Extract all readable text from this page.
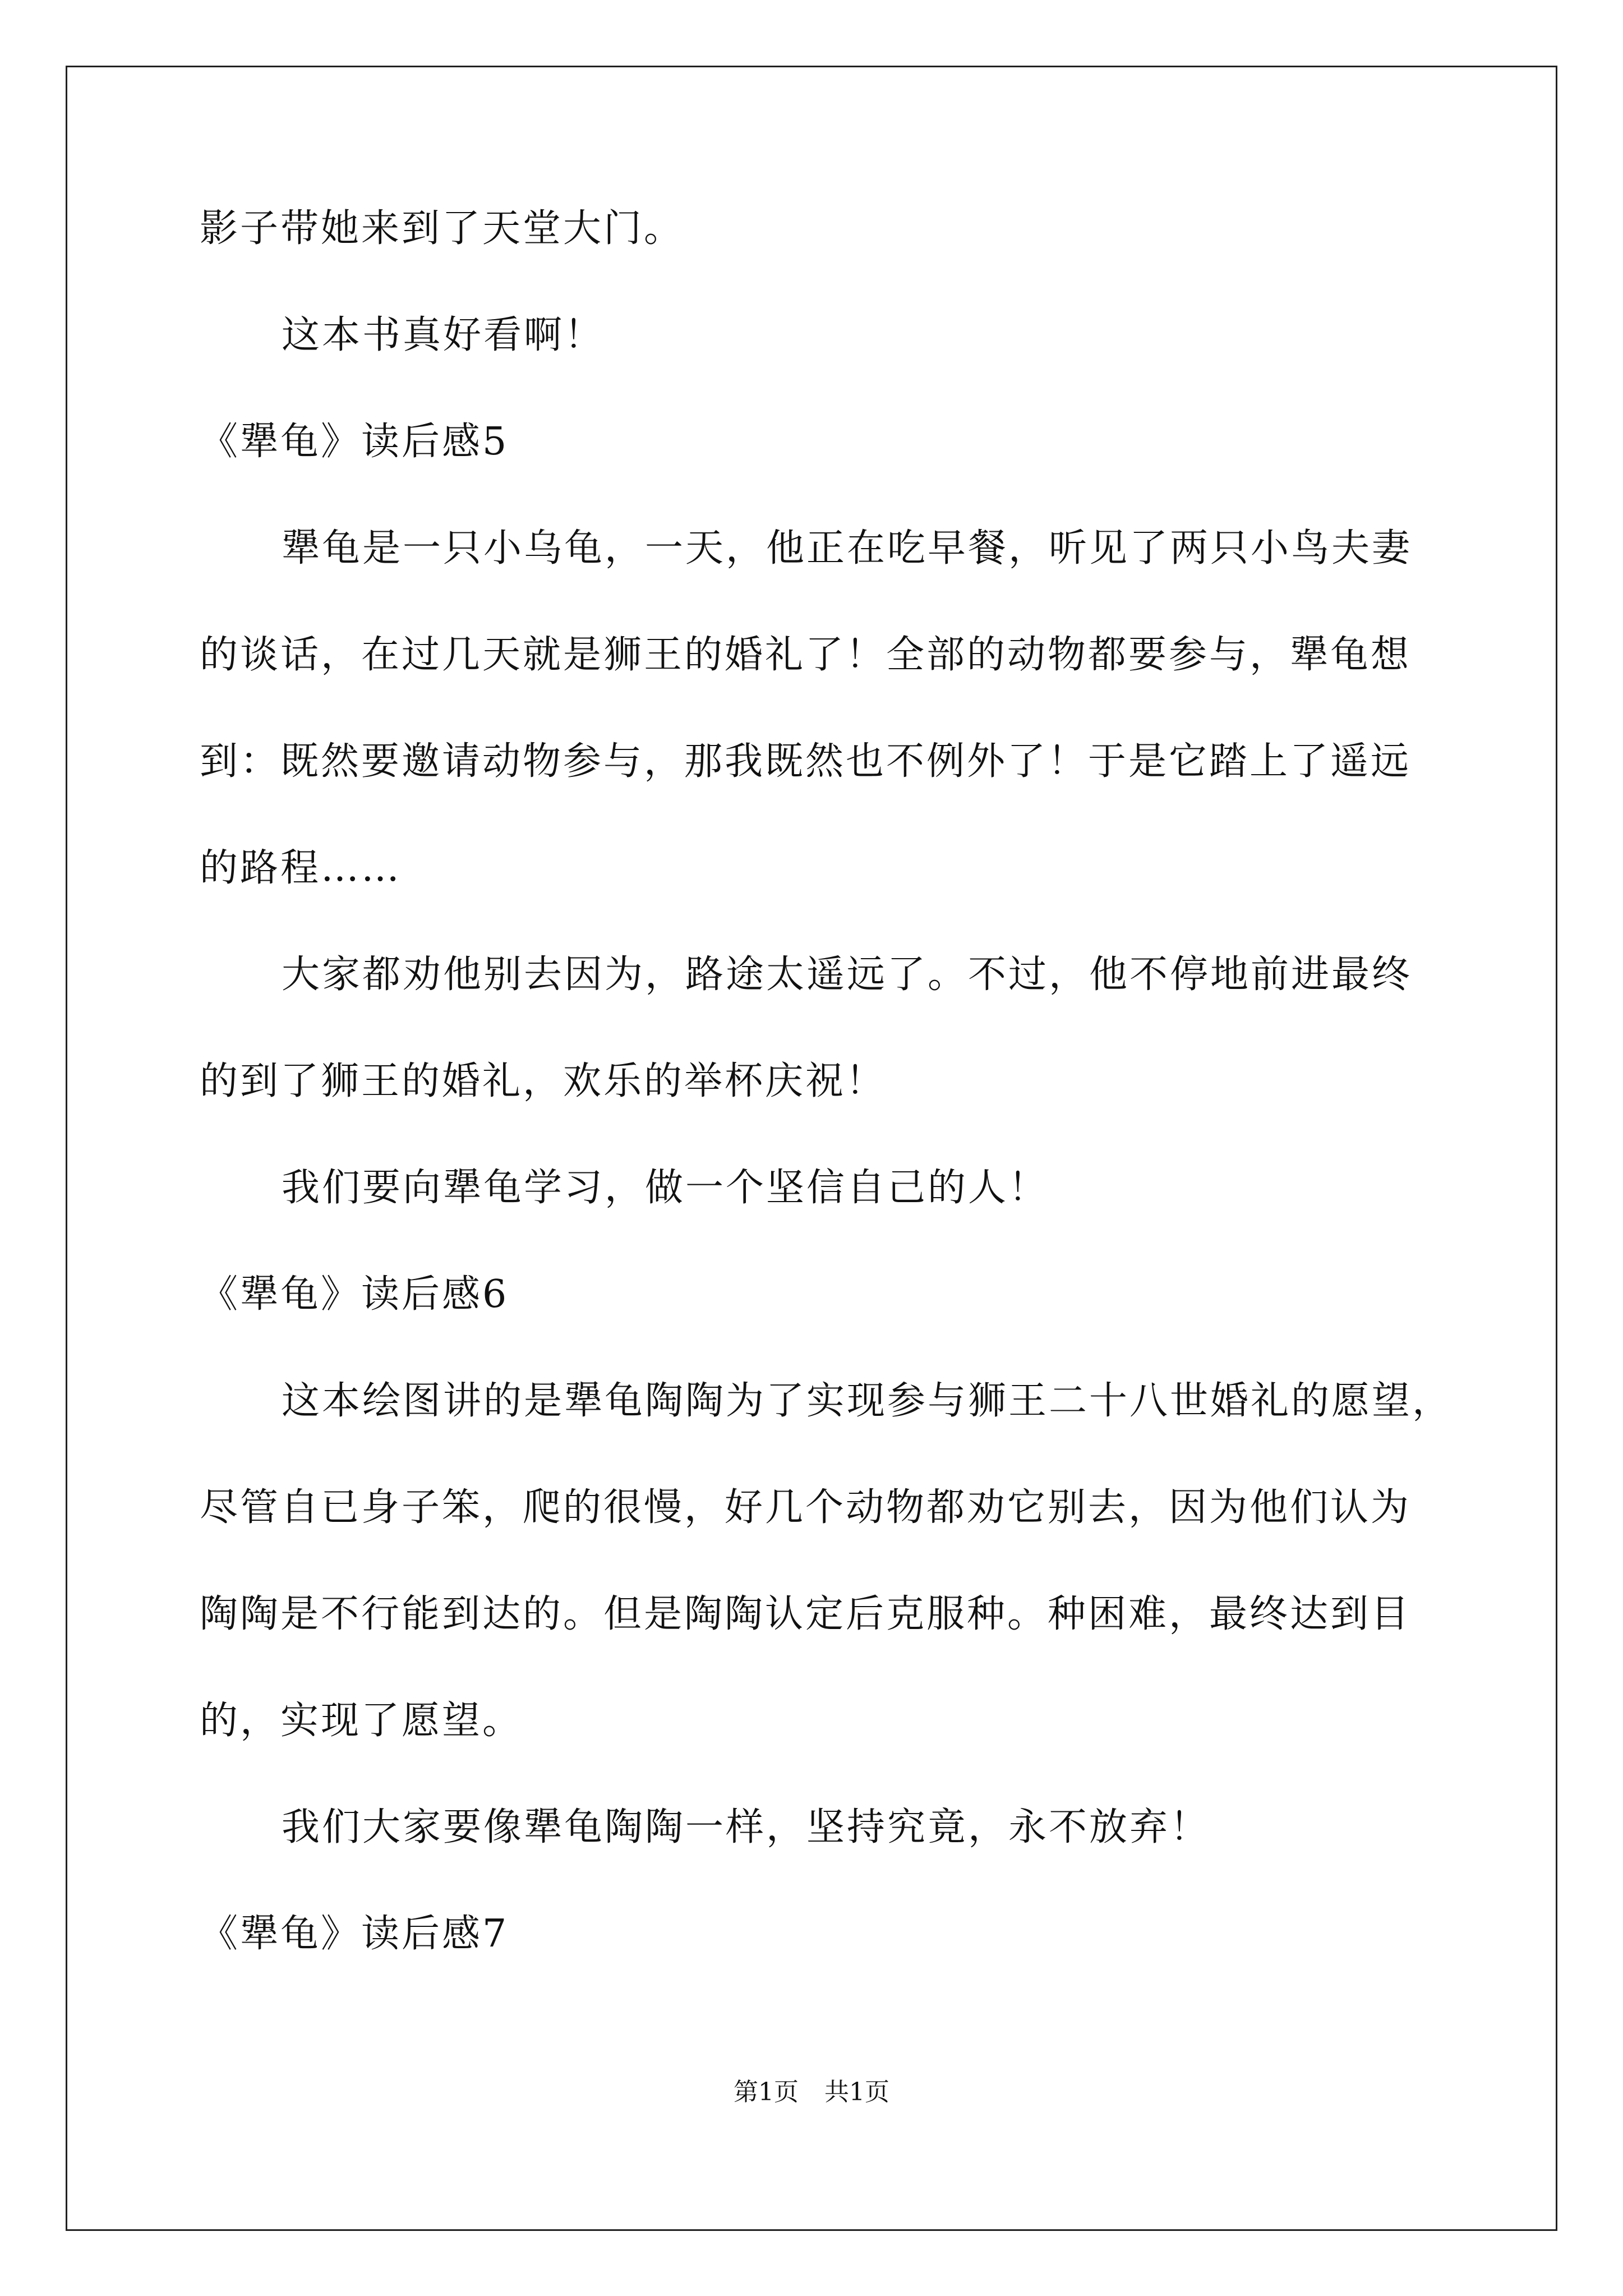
影子带她来到了天堂大门。
这本书真好看啊！
《犟龟》读后感5
犟龟是一只小乌龟，一天，他正在吃早餐，听见了两只小鸟夫妻
的谈话，在过几天就是狮王的婚礼了！全部的动物都要参与，犟龟想
到：既然要邀请动物参与，那我既然也不例外了！于是它踏上了遥远
的路程……
大家都劝他别去因为，路途太遥远了。不过，他不停地前进最终
的到了狮王的婚礼，欢乐的举杯庆祝！
我们要向犟龟学习，做一个坚信自己的人！
《犟龟》读后感6
这本绘图讲的是犟龟陶陶为了实现参与狮王二十八世婚礼的愿望，
尽管自已身子笨，爬的很慢，好几个动物都劝它别去，因为他们认为
陶陶是不行能到达的。但是陶陶认定后克服种。种困难，最终达到目
的，实现了愿望。
我们大家要像犟龟陶陶一样，坚持究竟，永不放弃！
《犟龟》读后感7
第1页 共1页
